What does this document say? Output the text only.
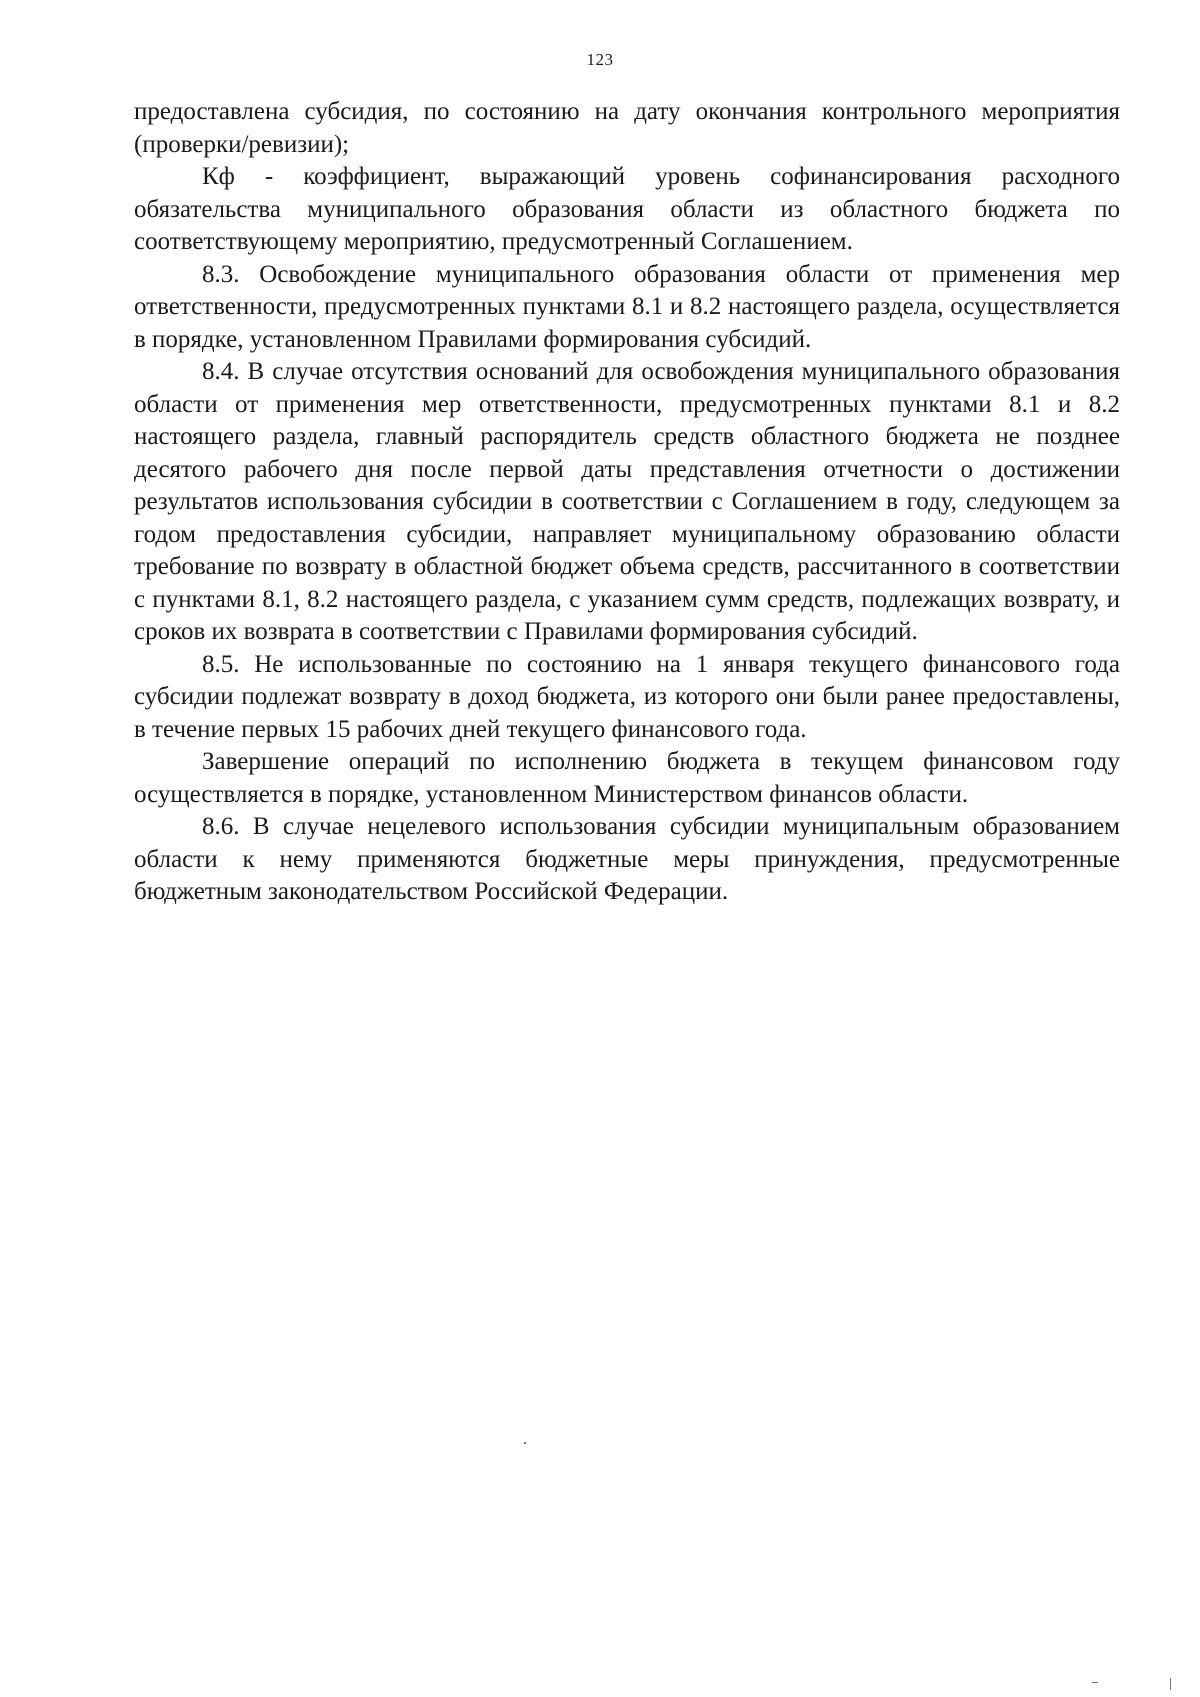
123

предоставлена субсидия, по состоянию на дату окончания контрольного мероприятия (проверки/ревизии);

Кф - коэффициент, выражающий уровень софинансирования расходного обязательства муниципального образования области из областного бюджета по соответствующему мероприятию, предусмотренный Соглашением.

8.3. Освобождение муниципального образования области от применения мер ответственности, предусмотренных пунктами 8.1 и 8.2 настоящего раздела, осуществляется в порядке, установленном Правилами формирования субсидий.

8.4. В случае отсутствия оснований для освобождения муниципального образования области от применения мер ответственности, предусмотренных пунктами 8.1 и 8.2 настоящего раздела, главный распорядитель средств областного бюджета не позднее десятого рабочего дня после первой даты представления отчетности о достижении результатов использования субсидии в соответствии с Соглашением в году, следующем за годом предоставления субсидии, направляет муниципальному образованию области требование по возврату в областной бюджет объема средств, рассчитанного в соответствии с пунктами 8.1, 8.2 настоящего раздела, с указанием сумм средств, подлежащих возврату, и сроков их возврата в соответствии с Правилами формирования субсидий.

8.5. Не использованные по состоянию на 1 января текущего финансового года субсидии подлежат возврату в доход бюджета, из которого они были ранее предоставлены, в течение первых 15 рабочих дней текущего финансового года.

Завершение операций по исполнению бюджета в текущем финансовом году осуществляется в порядке, установленном Министерством финансов области.

8.6. В случае нецелевого использования субсидии муниципальным образованием области к нему применяются бюджетные меры принуждения, предусмотренные бюджетным законодательством Российской Федерации.
